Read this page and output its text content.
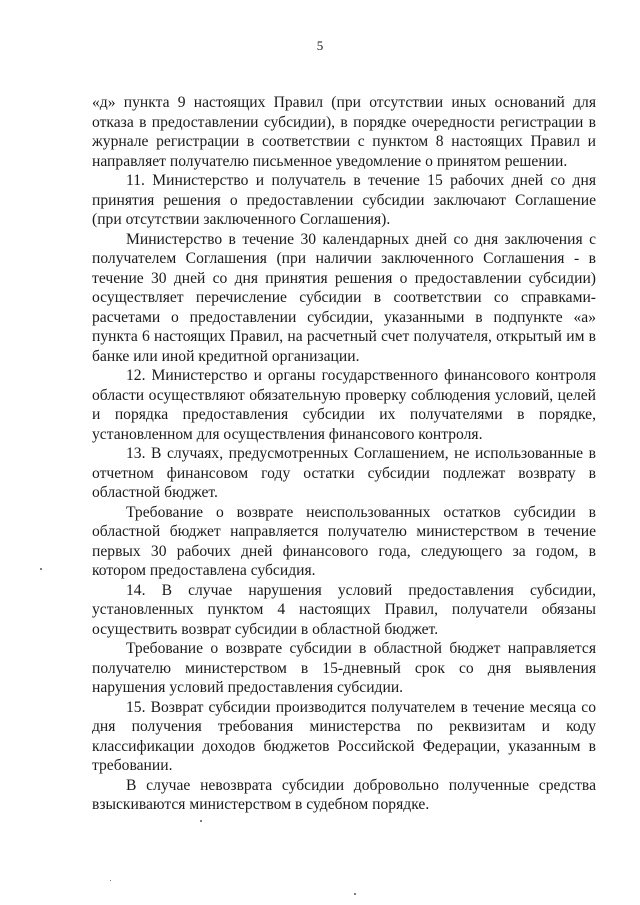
5

«д» пункта 9 настоящих Правил (при отсутствии иных оснований для отказа в предоставлении субсидии), в порядке очередности регистрации в журнале регистрации в соответствии с пунктом 8 настоящих Правил и направляет получателю письменное уведомление о принятом решении.

11. Министерство и получатель в течение 15 рабочих дней со дня принятия решения о предоставлении субсидии заключают Соглашение (при отсутствии заключенного Соглашения).

Министерство в течение 30 календарных дней со дня заключения с получателем Соглашения (при наличии заключенного Соглашения - в течение 30 дней со дня принятия решения о предоставлении субсидии) осуществляет перечисление субсидии в соответствии со справками-расчетами о предоставлении субсидии, указанными в подпункте «а» пункта 6 настоящих Правил, на расчетный счет получателя, открытый им в банке или иной кредитной организации.

12. Министерство и органы государственного финансового контроля области осуществляют обязательную проверку соблюдения условий, целей и порядка предоставления субсидии их получателями в порядке, установленном для осуществления финансового контроля.

13. В случаях, предусмотренных Соглашением, не использованные в отчетном финансовом году остатки субсидии подлежат возврату в областной бюджет.

Требование о возврате неиспользованных остатков субсидии в областной бюджет направляется получателю министерством в течение первых 30 рабочих дней финансового года, следующего за годом, в котором предоставлена субсидия.

14. В случае нарушения условий предоставления субсидии, установленных пунктом 4 настоящих Правил, получатели обязаны осуществить возврат субсидии в областной бюджет.

Требование о возврате субсидии в областной бюджет направляется получателю министерством в 15-дневный срок со дня выявления нарушения условий предоставления субсидии.

15. Возврат субсидии производится получателем в течение месяца со дня получения требования министерства по реквизитам и коду классификации доходов бюджетов Российской Федерации, указанным в требовании.

В случае невозврата субсидии добровольно полученные средства взыскиваются министерством в судебном порядке.
